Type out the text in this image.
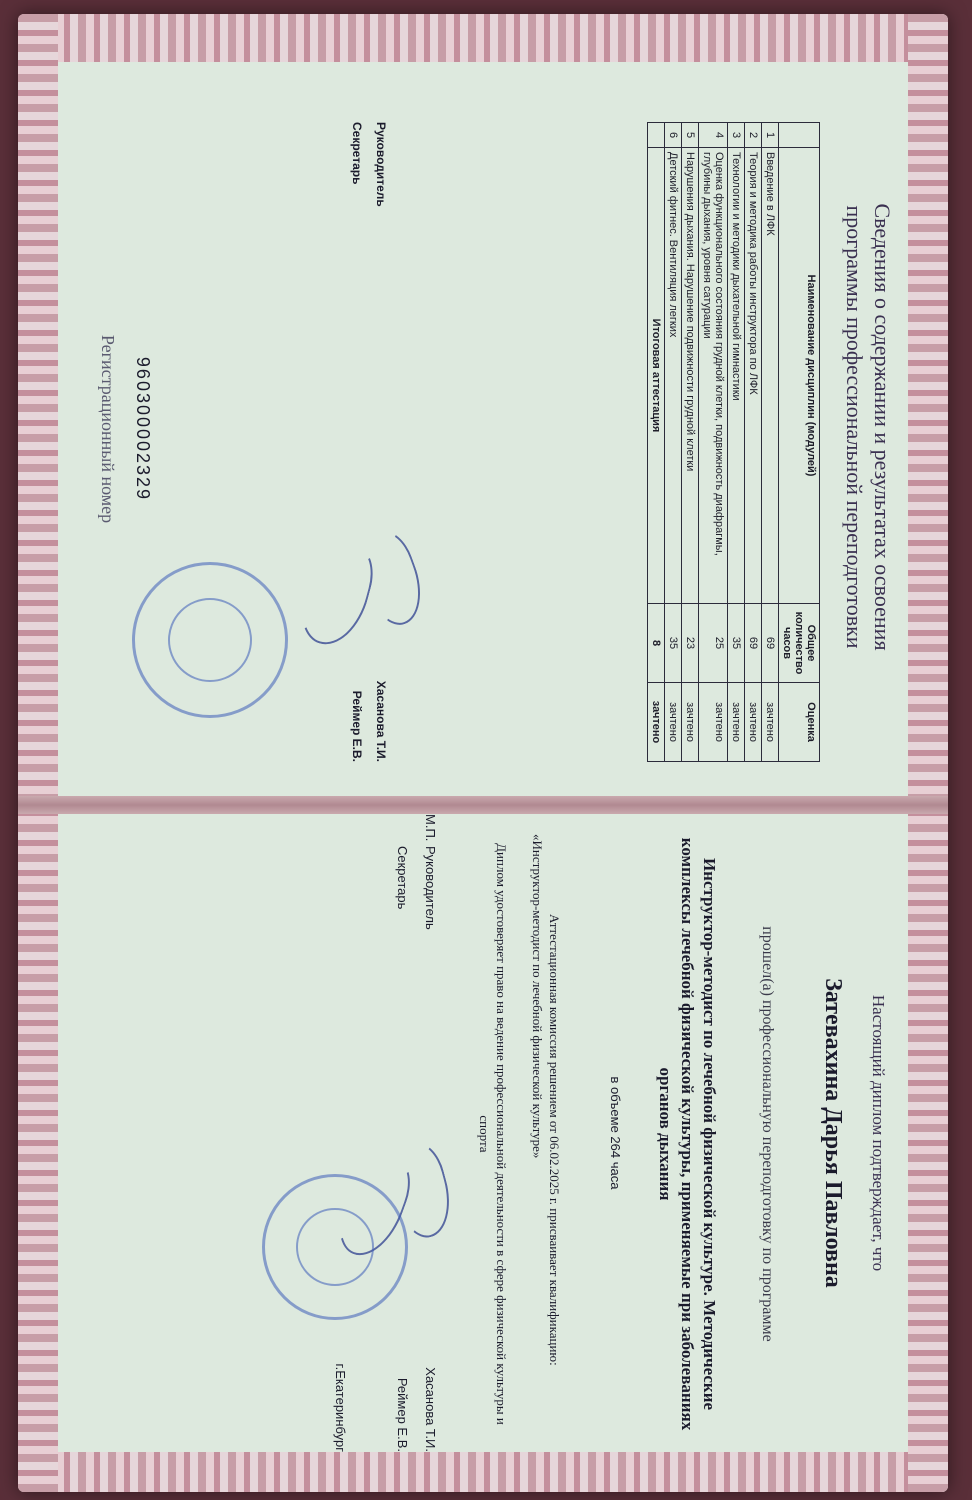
Сведения о содержании и результатах освоения
программы профессиональной переподготовки
	Наименование дисциплин (модулей)	Общее количество часов	Оценка
1	Введение в ЛФК	69	зачтено
2	Теория и методика работы инструктора по ЛФК	69	зачтено
3	Технологии и методики дыхательной гимнастики	35	зачтено
4	Оценка функционального состояния грудной клетки, подвижность диафрагмы, глубины дыхания, уровня сатурации	25	зачтено
5	Нарушения дыхания. Нарушение подвижности грудной клетки	23	зачтено
6	Детский фитнес. Вентиляция легких	35	зачтено
	Итоговая аттестация	8	зачтено
Руководитель
Хасанова Т.И.
Секретарь
Реймер Е.В.
960300002329
Регистрационный номер
Настоящий диплом подтверждает, что
Затевахина Дарья Павловна
прошел(а) профессиональную переподготовку по программе
Инструктор-методист по лечебной физической культуре. Методические комплексы лечебной физической культуры, применяемые при заболеваниях органов дыхания
в объеме 264 часа
Аттестационная комиссия решением от 06.02.2025 г. присваивает квалификацию: «Инструктор-методист по лечебной физической культуре»
Диплом удостоверяет право на ведение профессиональной деятельности в сфере физической культуры и спорта
М.П.
Руководитель
Хасанова Т.И.
Секретарь
Реймер Е.В.
г.Екатеринбург
